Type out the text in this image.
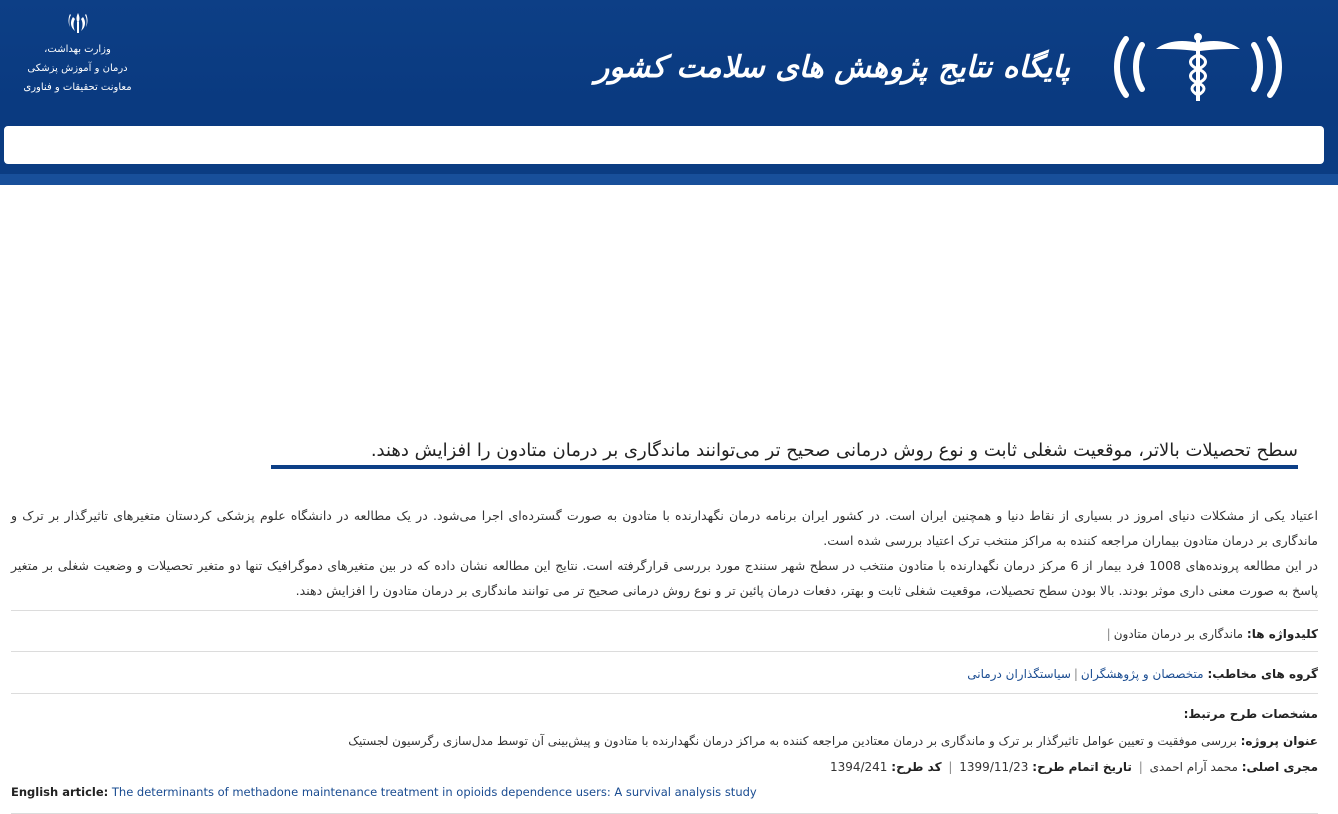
وزارت بهداشت،
درمان و آموزش پزشکی
معاونت تحقیقات و فناوری
پایگاه نتایج پژوهش های سلامت کشور
سطح تحصیلات بالاتر، موقعیت شغلی ثابت و نوع روش درمانی صحیح تر می‌توانند ماندگاری بر درمان متادون را افزایش دهند.

اعتیاد یکی از مشکلات دنیای امروز در بسیاری از نقاط دنیا و همچنین ایران است. در کشور ایران برنامه درمان نگهدارنده با متادون به صورت گسترده‌ای اجرا می‌شود. در یک مطالعه در دانشگاه علوم پزشکی کردستان متغیرهای تاثیرگذار بر ترک و ماندگاری بر درمان متادون بیماران مراجعه کننده به مراکز منتخب ترک اعتیاد بررسی شده است.

در این مطالعه پرونده‌های 1008 فرد بیمار از 6 مرکز درمان نگهدارنده با متادون منتخب در سطح شهر سنندج مورد بررسی قرارگرفته است. نتایج این مطالعه نشان داده که در بین متغیرهای دموگرافیک تنها دو متغیر تحصیلات و وضعیت شغلی بر متغیر پاسخ به صورت معنی داری موثر بودند. بالا بودن سطح تحصیلات، موقعیت شغلی ثابت و بهتر، دفعات درمان پائین تر و نوع روش درمانی صحیح تر می توانند ماندگاری بر درمان متادون را افزایش دهند.

کلیدواژه ها: ماندگاری بر درمان متادون|
گروه های مخاطب: متخصصان و پژوهشگران|سیاستگذاران درمانی
مشخصات طرح مرتبط:
عنوان پروژه: بررسی موفقیت و تعیین عوامل تاثیرگذار بر ترک و ماندگاری بر درمان معتادین مراجعه کننده به مراکز درمان نگهدارنده با متادون و پیش‌بینی آن توسط مدل‌سازی رگرسیون لجستیک
مجری اصلی: محمد آرام احمدی | تاریخ اتمام طرح: 1399/11/23 | کد طرح: 1394/241
English article: The determinants of methadone maintenance treatment in opioids dependence users: A survival analysis study
